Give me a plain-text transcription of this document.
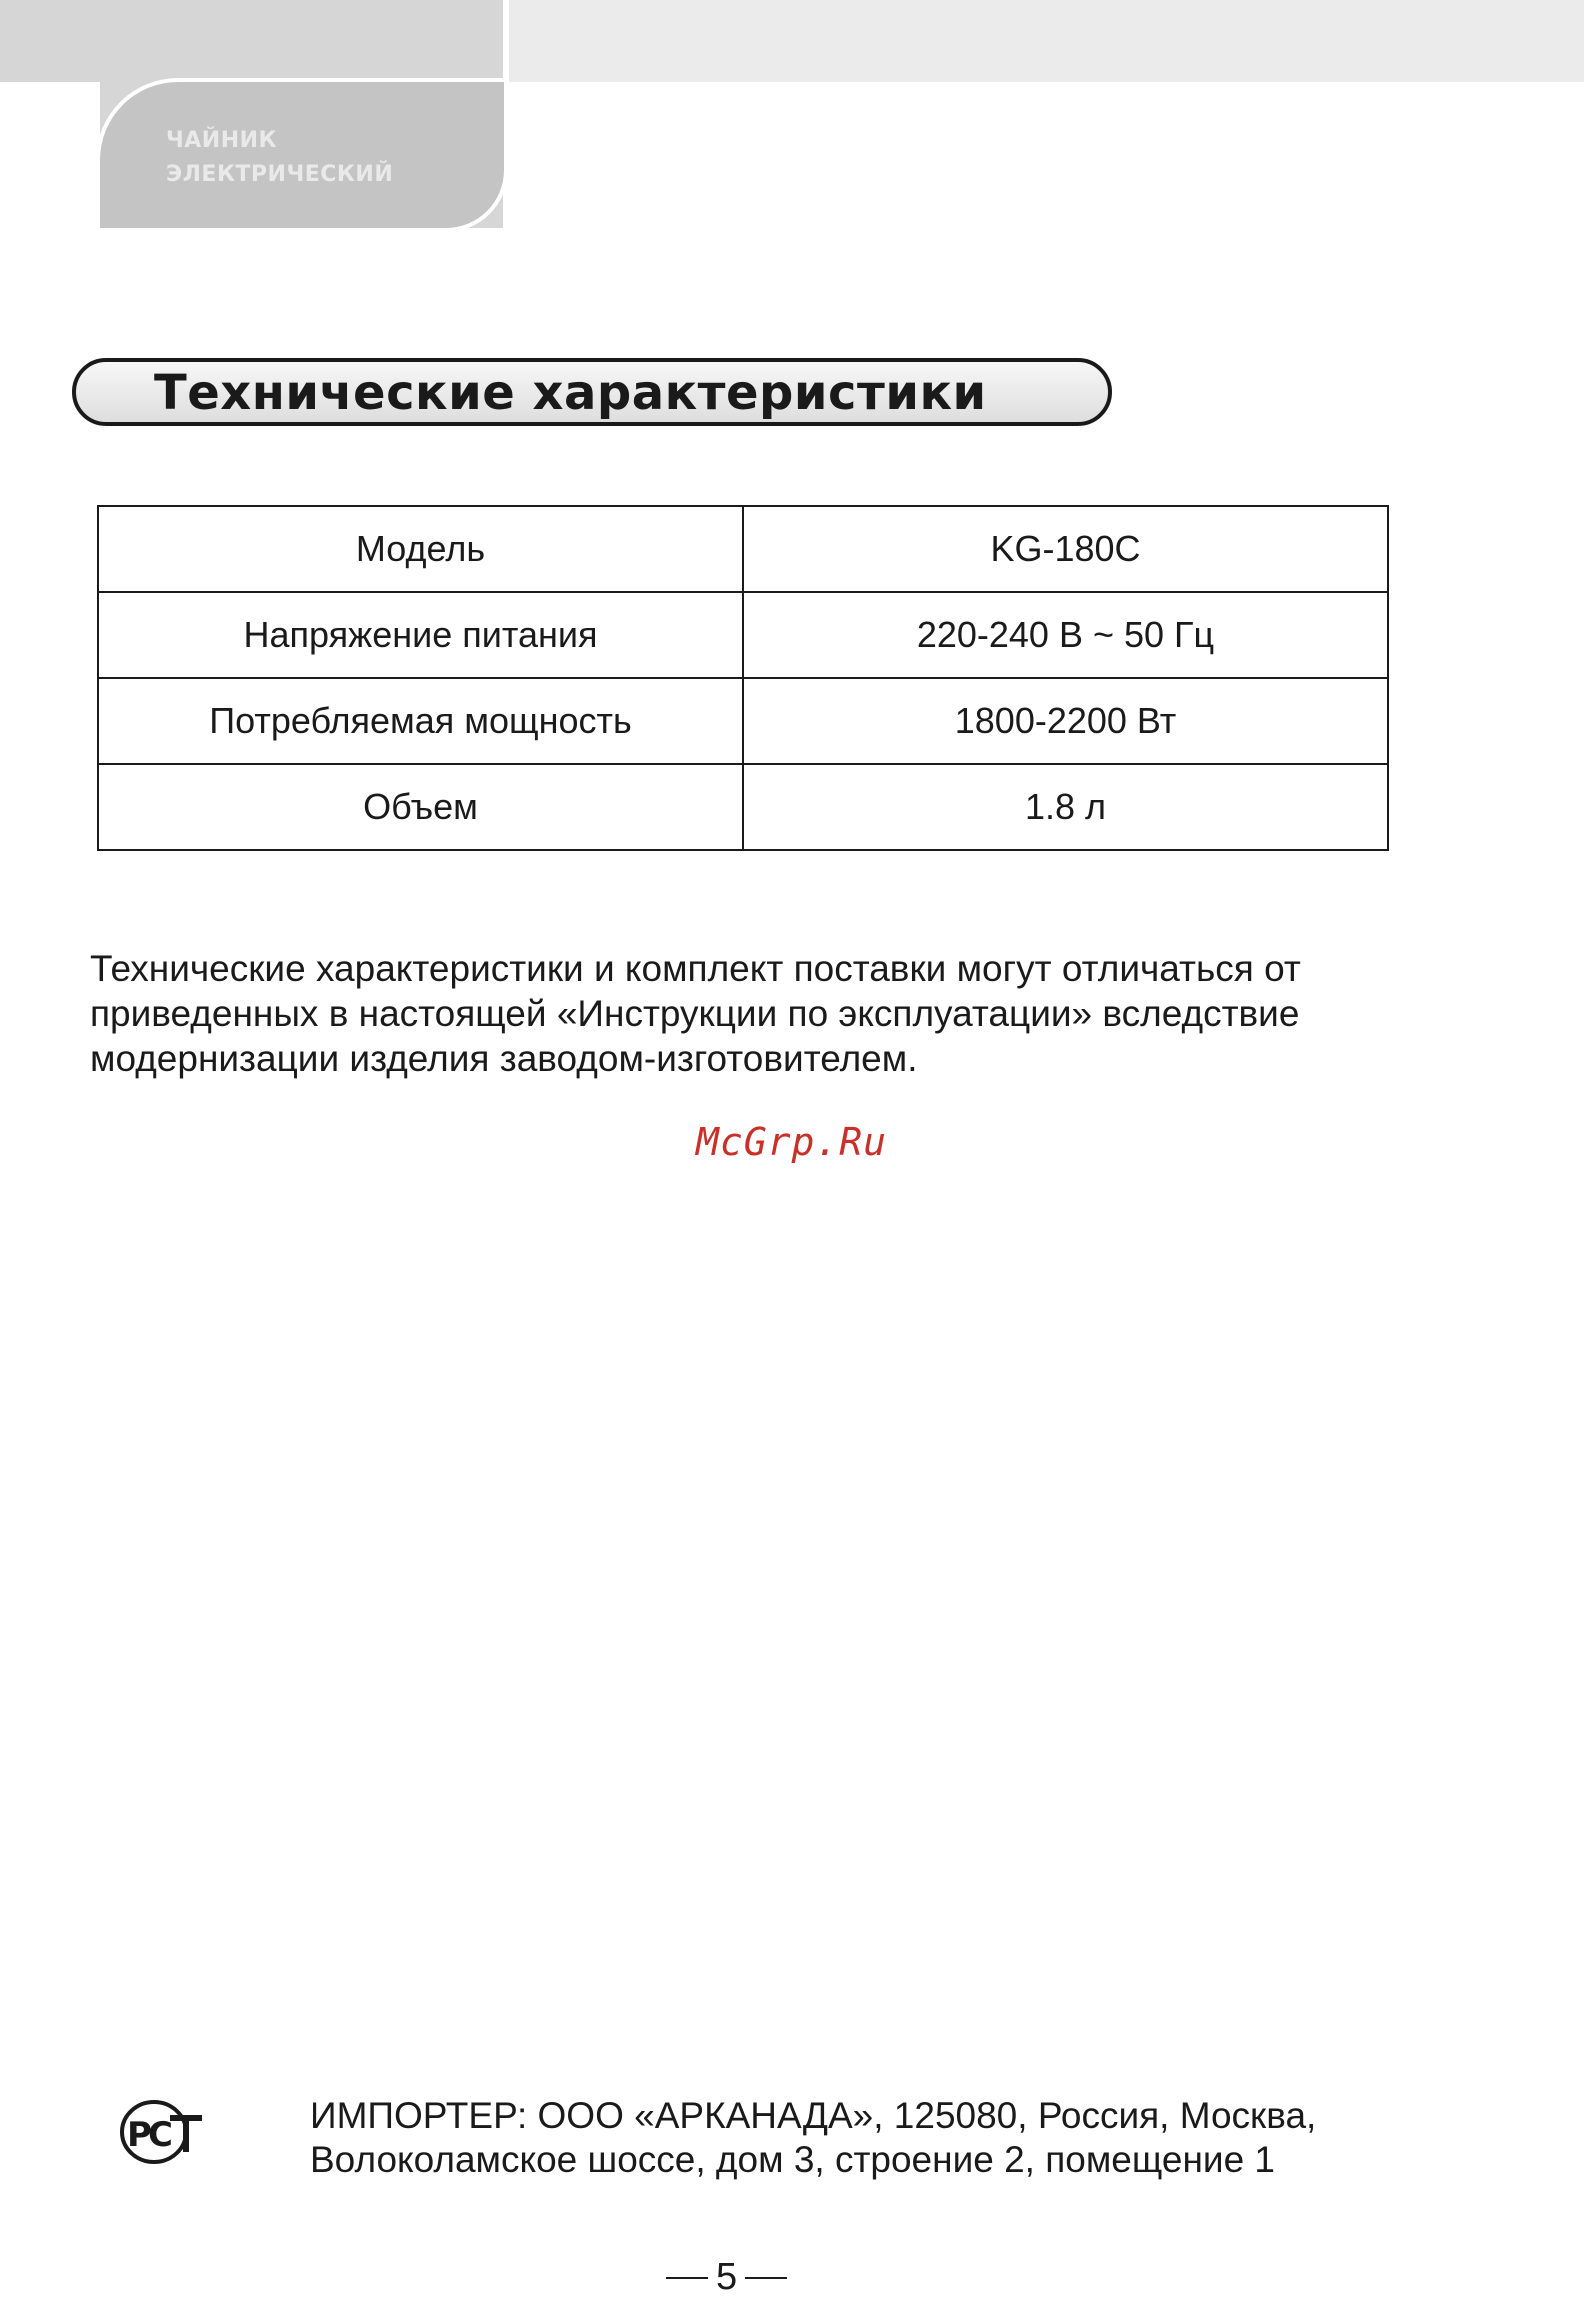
ЧАЙНИК
ЭЛЕКТРИЧЕСКИЙ
Технические характеристики
Модель	KG-180C
Напряжение питания	220-240 В ~ 50 Гц
Потребляемая мощность	1800-2200 Вт
Объем	1.8 л
Технические характеристики и комплект поставки могут отличаться от
приведенных в настоящей «Инструкции по эксплуатации» вследствие
модернизации изделия заводом-изготовителем.
McGrp.Ru
P
C	ИМПОРТЕР: ООО «АРКАНАДА», 125080, Россия, Москва,
Волоколамское шоссе, дом 3, строение 2, помещение 1
5
